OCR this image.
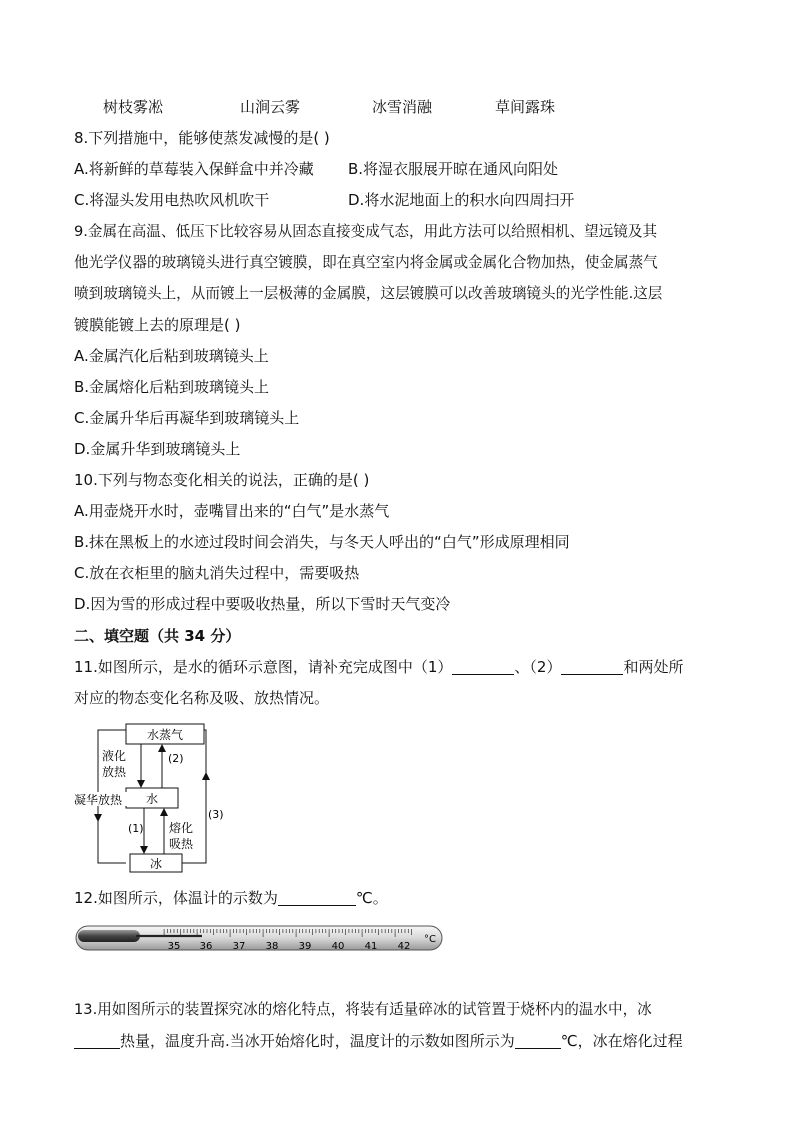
树枝雾凇	山涧云雾	冰雪消融	草间露珠
8.下列措施中，能够使蒸发减慢的是( )
A.将新鲜的草莓装入保鲜盒中并冷藏 B.将湿衣服展开晾在通风向阳处
C.将湿头发用电热吹风机吹干	D.将水泥地面上的积水向四周扫开
9.金属在高温、低压下比较容易从固态直接变成气态，用此方法可以给照相机、望远镜及其
他光学仪器的玻璃镜头进行真空镀膜，即在真空室内将金属或金属化合物加热，使金属蒸气
喷到玻璃镜头上，从而镀上一层极薄的金属膜，这层镀膜可以改善玻璃镜头的光学性能.这层
镀膜能镀上去的原理是( )
A.金属汽化后粘到玻璃镜头上
B.金属熔化后粘到玻璃镜头上
C.金属升华后再凝华到玻璃镜头上
D.金属升华到玻璃镜头上
10.下列与物态变化相关的说法，正确的是( )
A.用壶烧开水时，壶嘴冒出来的“白气”是水蒸气
B.抹在黑板上的水迹过段时间会消失，与冬天人呼出的“白气”形成原理相同
C.放在衣柜里的脑丸消失过程中，需要吸热
D.因为雪的形成过程中要吸收热量，所以下雪时天气变冷
二、填空题（共 34 分）
11.如图所示，是水的循环示意图，请补充完成图中（1）	、（2）	和两处所
对应的物态变化名称及吸、放热情况。
水蒸气
水
冰
(2)
液化
放热
(1) 熔化
吸热
凝华放热
(3)
12.如图所示，体温计的示数为	℃。
35 36 37 38 39 40 41 42
°C
13.用如图所示的装置探究冰的熔化特点，将装有适量碎冰的试管置于烧杯内的温水中，冰
热量，温度升高.当冰开始熔化时，温度计的示数如图所示为	℃，冰在熔化过程
